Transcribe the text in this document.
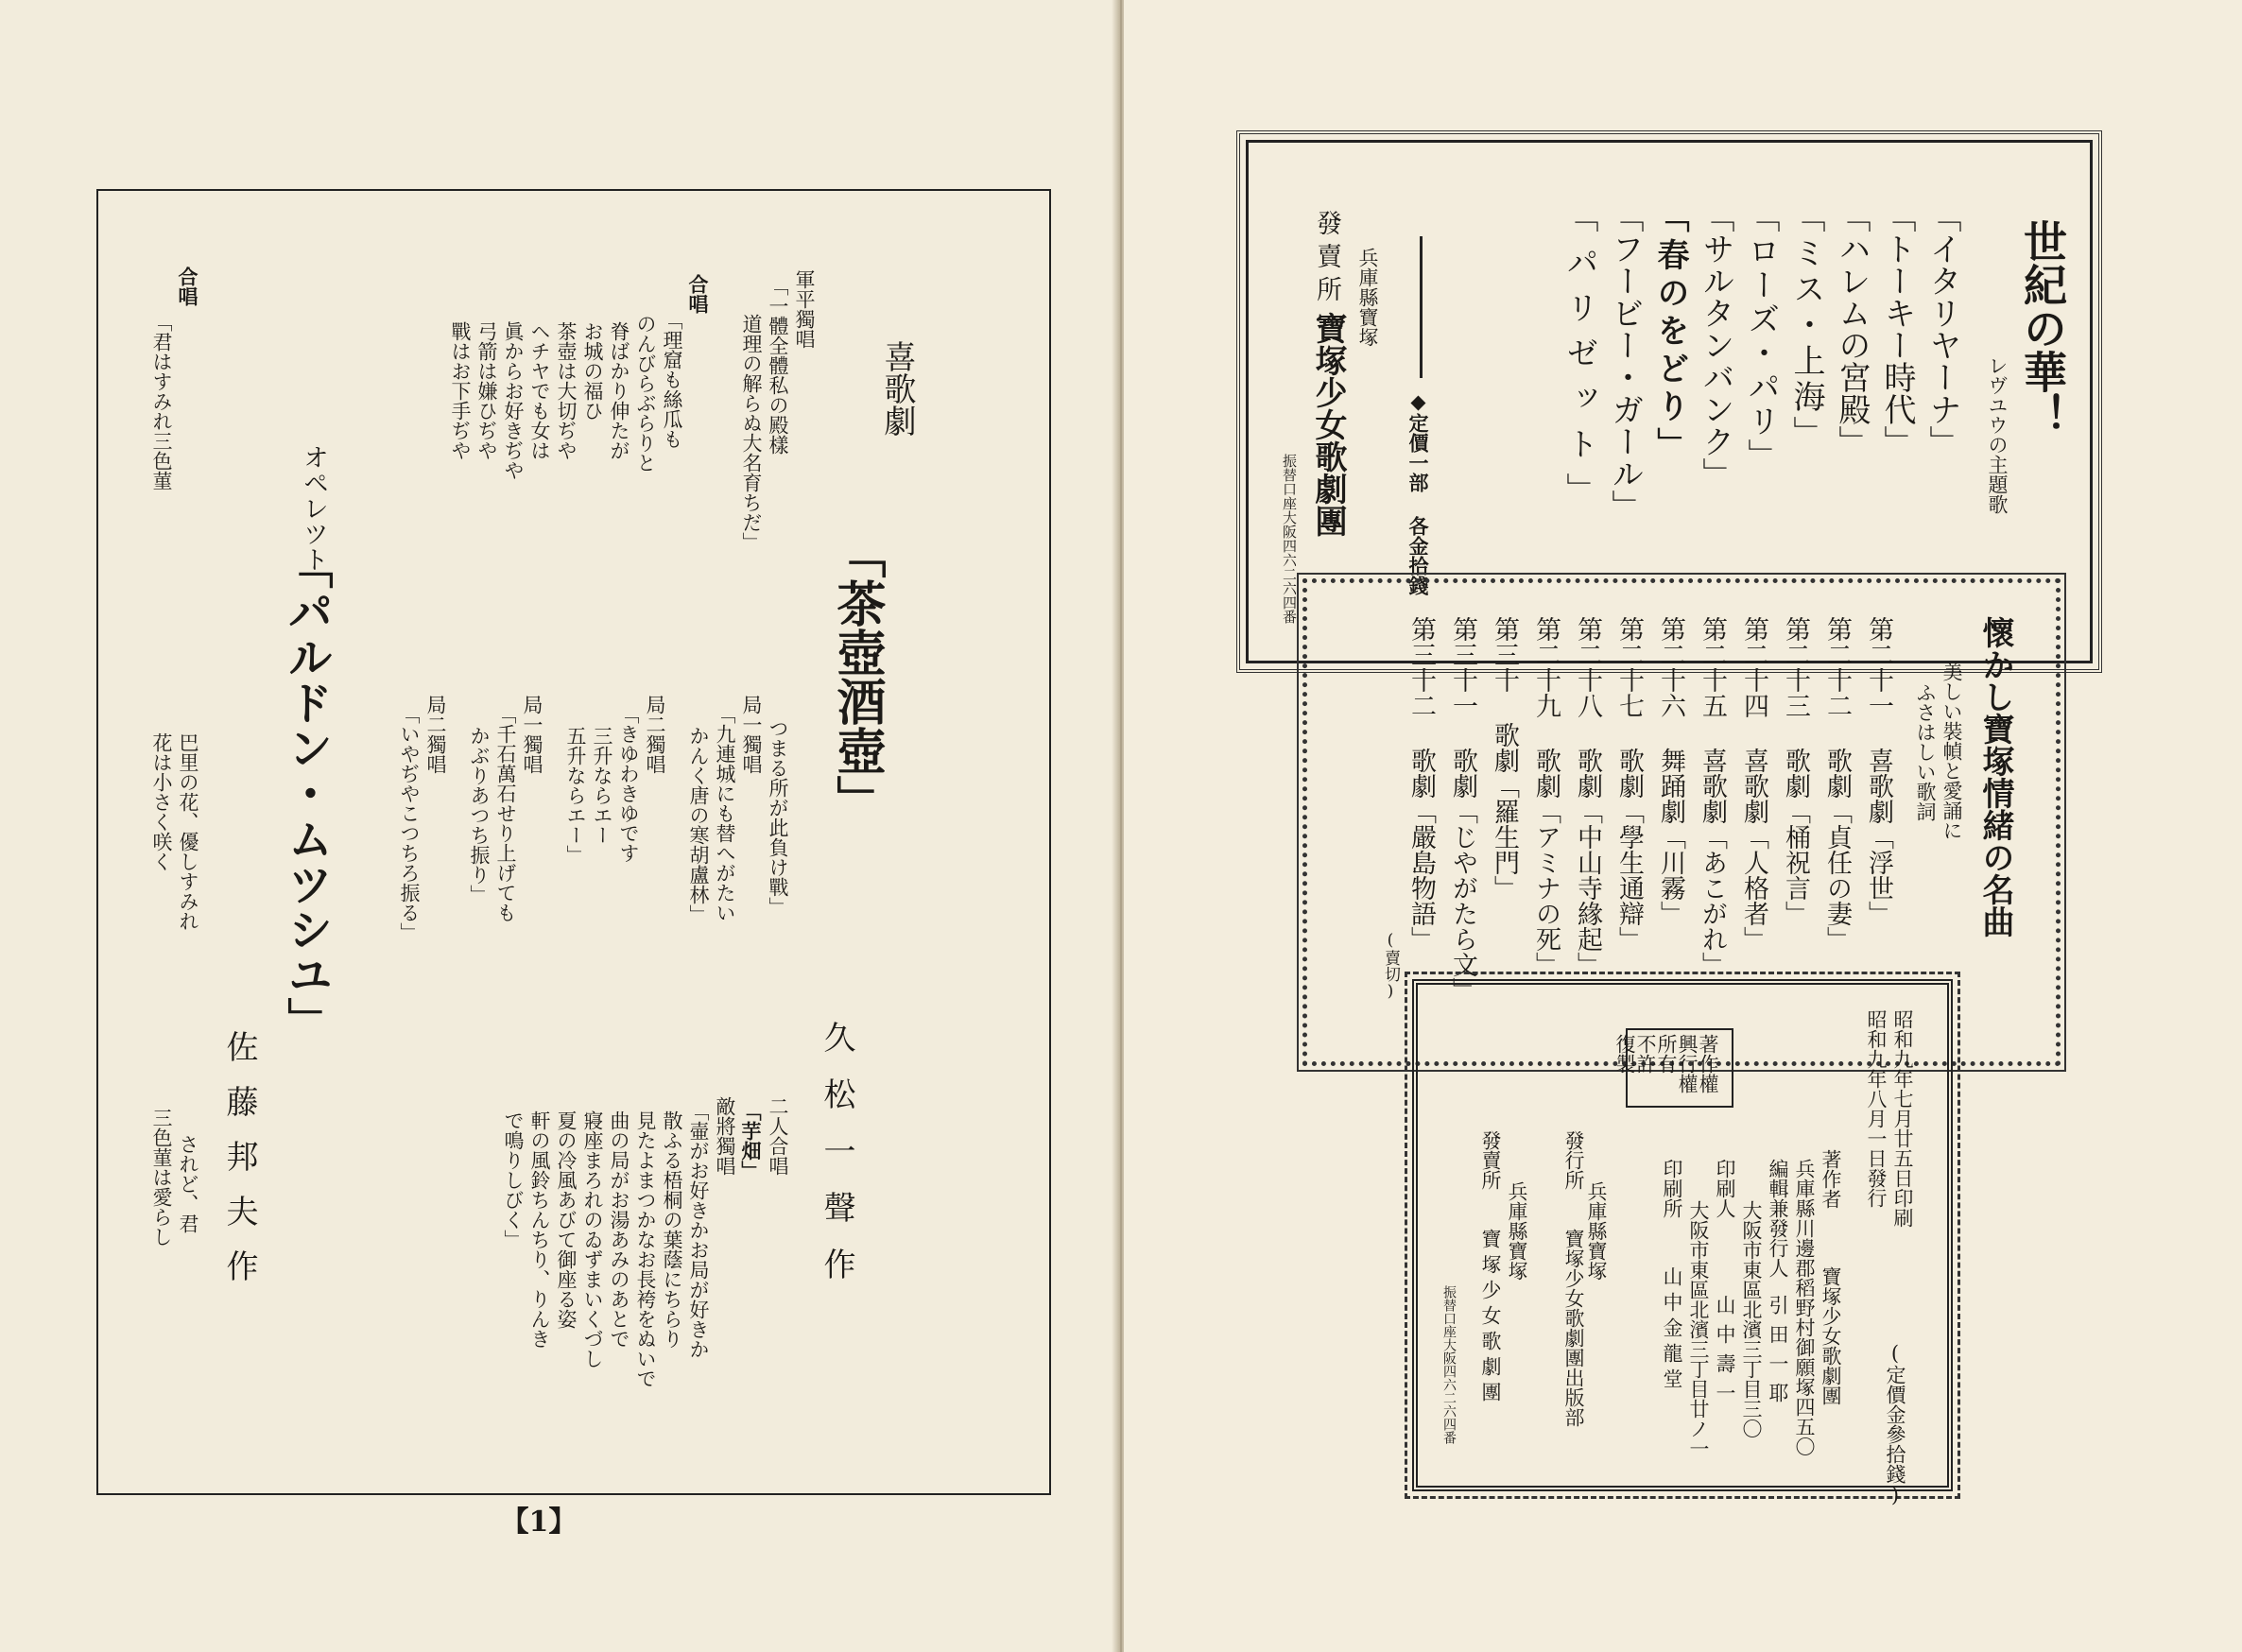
喜歌劇
「茶壺酒壺」
久松一聲作
つまる所が此負け戰」
局一獨唱
「九連城にも替へがたい
かんく唐の寒胡盧林」
局二獨唱
「きゆわきゆです
三升ならエー
五升ならエー」
局一獨唱
「千石萬石せり上げても
かぶりあつち振り」
局二獨唱
「いやぢやこつちろ振る」
軍平獨唱
「一體全體私の殿樣
道理の解らぬ大名育ちだ」
合唱
「理窟も絲瓜も
のんびらぶらりと
脊ばかり伸たが
お城の福ひ
茶壺は大切ぢや
ヘチヤでも女は
眞からお好きぢや
弓箭は嫌ひぢや
戰はお下手ぢや
二人合唱
「芋畑」
敵將獨唱
「壷がお好きかお局が好きか
散ふる梧桐の葉蔭にちらり
見たよまつかなお長袴をぬいで
曲の局がお湯あみのあとで
寢座まろれのゐずまいくづし
夏の冷風あびて御座る姿
軒の風鈴ちんちり、りんき
で鳴りしびく」
オペレツト
「パルドン・ムツシユ」
佐藤邦夫作
合唱
「君はすみれ三色菫
巴里の花、優しすみれ
花は小さく咲く
されど、君
三色菫は愛らし
【1】
世紀の華！
レヴユウの主題歌
「イタリヤーナ」
「トーキー時代」
「ハレムの宮殿」
「ミス・上海」
「ローズ・パリ」
「サルタンバンク」
「春のをどり」
「フービー・ガール」
「パリゼット」
◆定價一部 各金拾錢
兵庫縣寶塚
發賣所
寶塚少女歌劇團
振替口座大阪四六二六四番
懷かし寶塚情緒の名曲
美しい裝幀と愛誦に
ふさはしい歌詞
第二十一 喜歌劇「浮世」
第二十二 歌劇「貞任の妻」
第二十三 歌劇「桶祝言」
第二十四 喜歌劇「人格者」
第二十五 喜歌劇「あこがれ」
第二十六 舞踊劇「川霧」
第二十七 歌劇「學生通辯」
第二十八 歌劇「中山寺緣起」
第二十九 歌劇「アミナの死」
第三十 歌劇「羅生門」
第三十一 歌劇「じやがたら文」
第三十二 歌劇「嚴島物語」
(賣切)
著作權
興行權
所有
不許
復製	昭和九年七月廿五日印刷
昭和九年八月一日發行
(定價金參拾錢)
著作者
寶塚少女歌劇團
兵庫縣川邊郡稻野村御願塚四五〇
編輯兼發行人
引田一耶
大阪市東區北濱三丁目三〇
印刷人
山中壽一
大阪市東區北濱三丁目廿ノ一
印刷所
山中金龍堂
發行所
兵庫縣寶塚
寶塚少女歌劇團出版部
發賣所
兵庫縣寶塚
寶塚少女歌劇團
振替口座大阪四六二六四番
